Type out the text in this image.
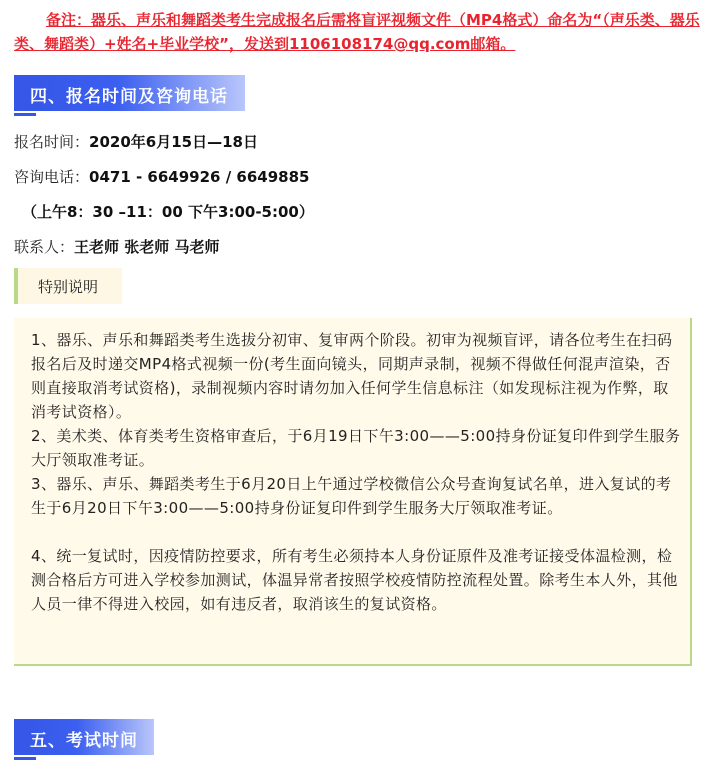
备注：器乐、声乐和舞蹈类考生完成报名后需将盲评视频文件（MP4格式）命名为“（声乐类、器乐类、舞蹈类）+姓名+毕业学校”，发送到1106108174@qq.com邮箱。
四、报名时间及咨询电话
报名时间：2020年6月15日—18日
咨询电话：0471 - 6649926 / 6649885
（上午8：30 –11：00 下午3:00-5:00）
联系人：王老师 张老师 马老师
特别说明
1、器乐、声乐和舞蹈类考生选拔分初审、复审两个阶段。初审为视频盲评，请各位考生在扫码报名后及时递交MP4格式视频一份(考生面向镜头，同期声录制，视频不得做任何混声渲染，否则直接取消考试资格)，录制视频内容时请勿加入任何学生信息标注（如发现标注视为作弊，取消考试资格）。
2、美术类、体育类考生资格审查后，于6月19日下午3:00——5:00持身份证复印件到学生服务大厅领取准考证。
3、器乐、声乐、舞蹈类考生于6月20日上午通过学校微信公众号查询复试名单，进入复试的考生于6月20日下午3:00——5:00持身份证复印件到学生服务大厅领取准考证。
4、统一复试时，因疫情防控要求，所有考生必须持本人身份证原件及准考证接受体温检测，检测合格后方可进入学校参加测试，体温异常者按照学校疫情防控流程处置。除考生本人外，其他人员一律不得进入校园，如有违反者，取消该生的复试资格。
五、考试时间
